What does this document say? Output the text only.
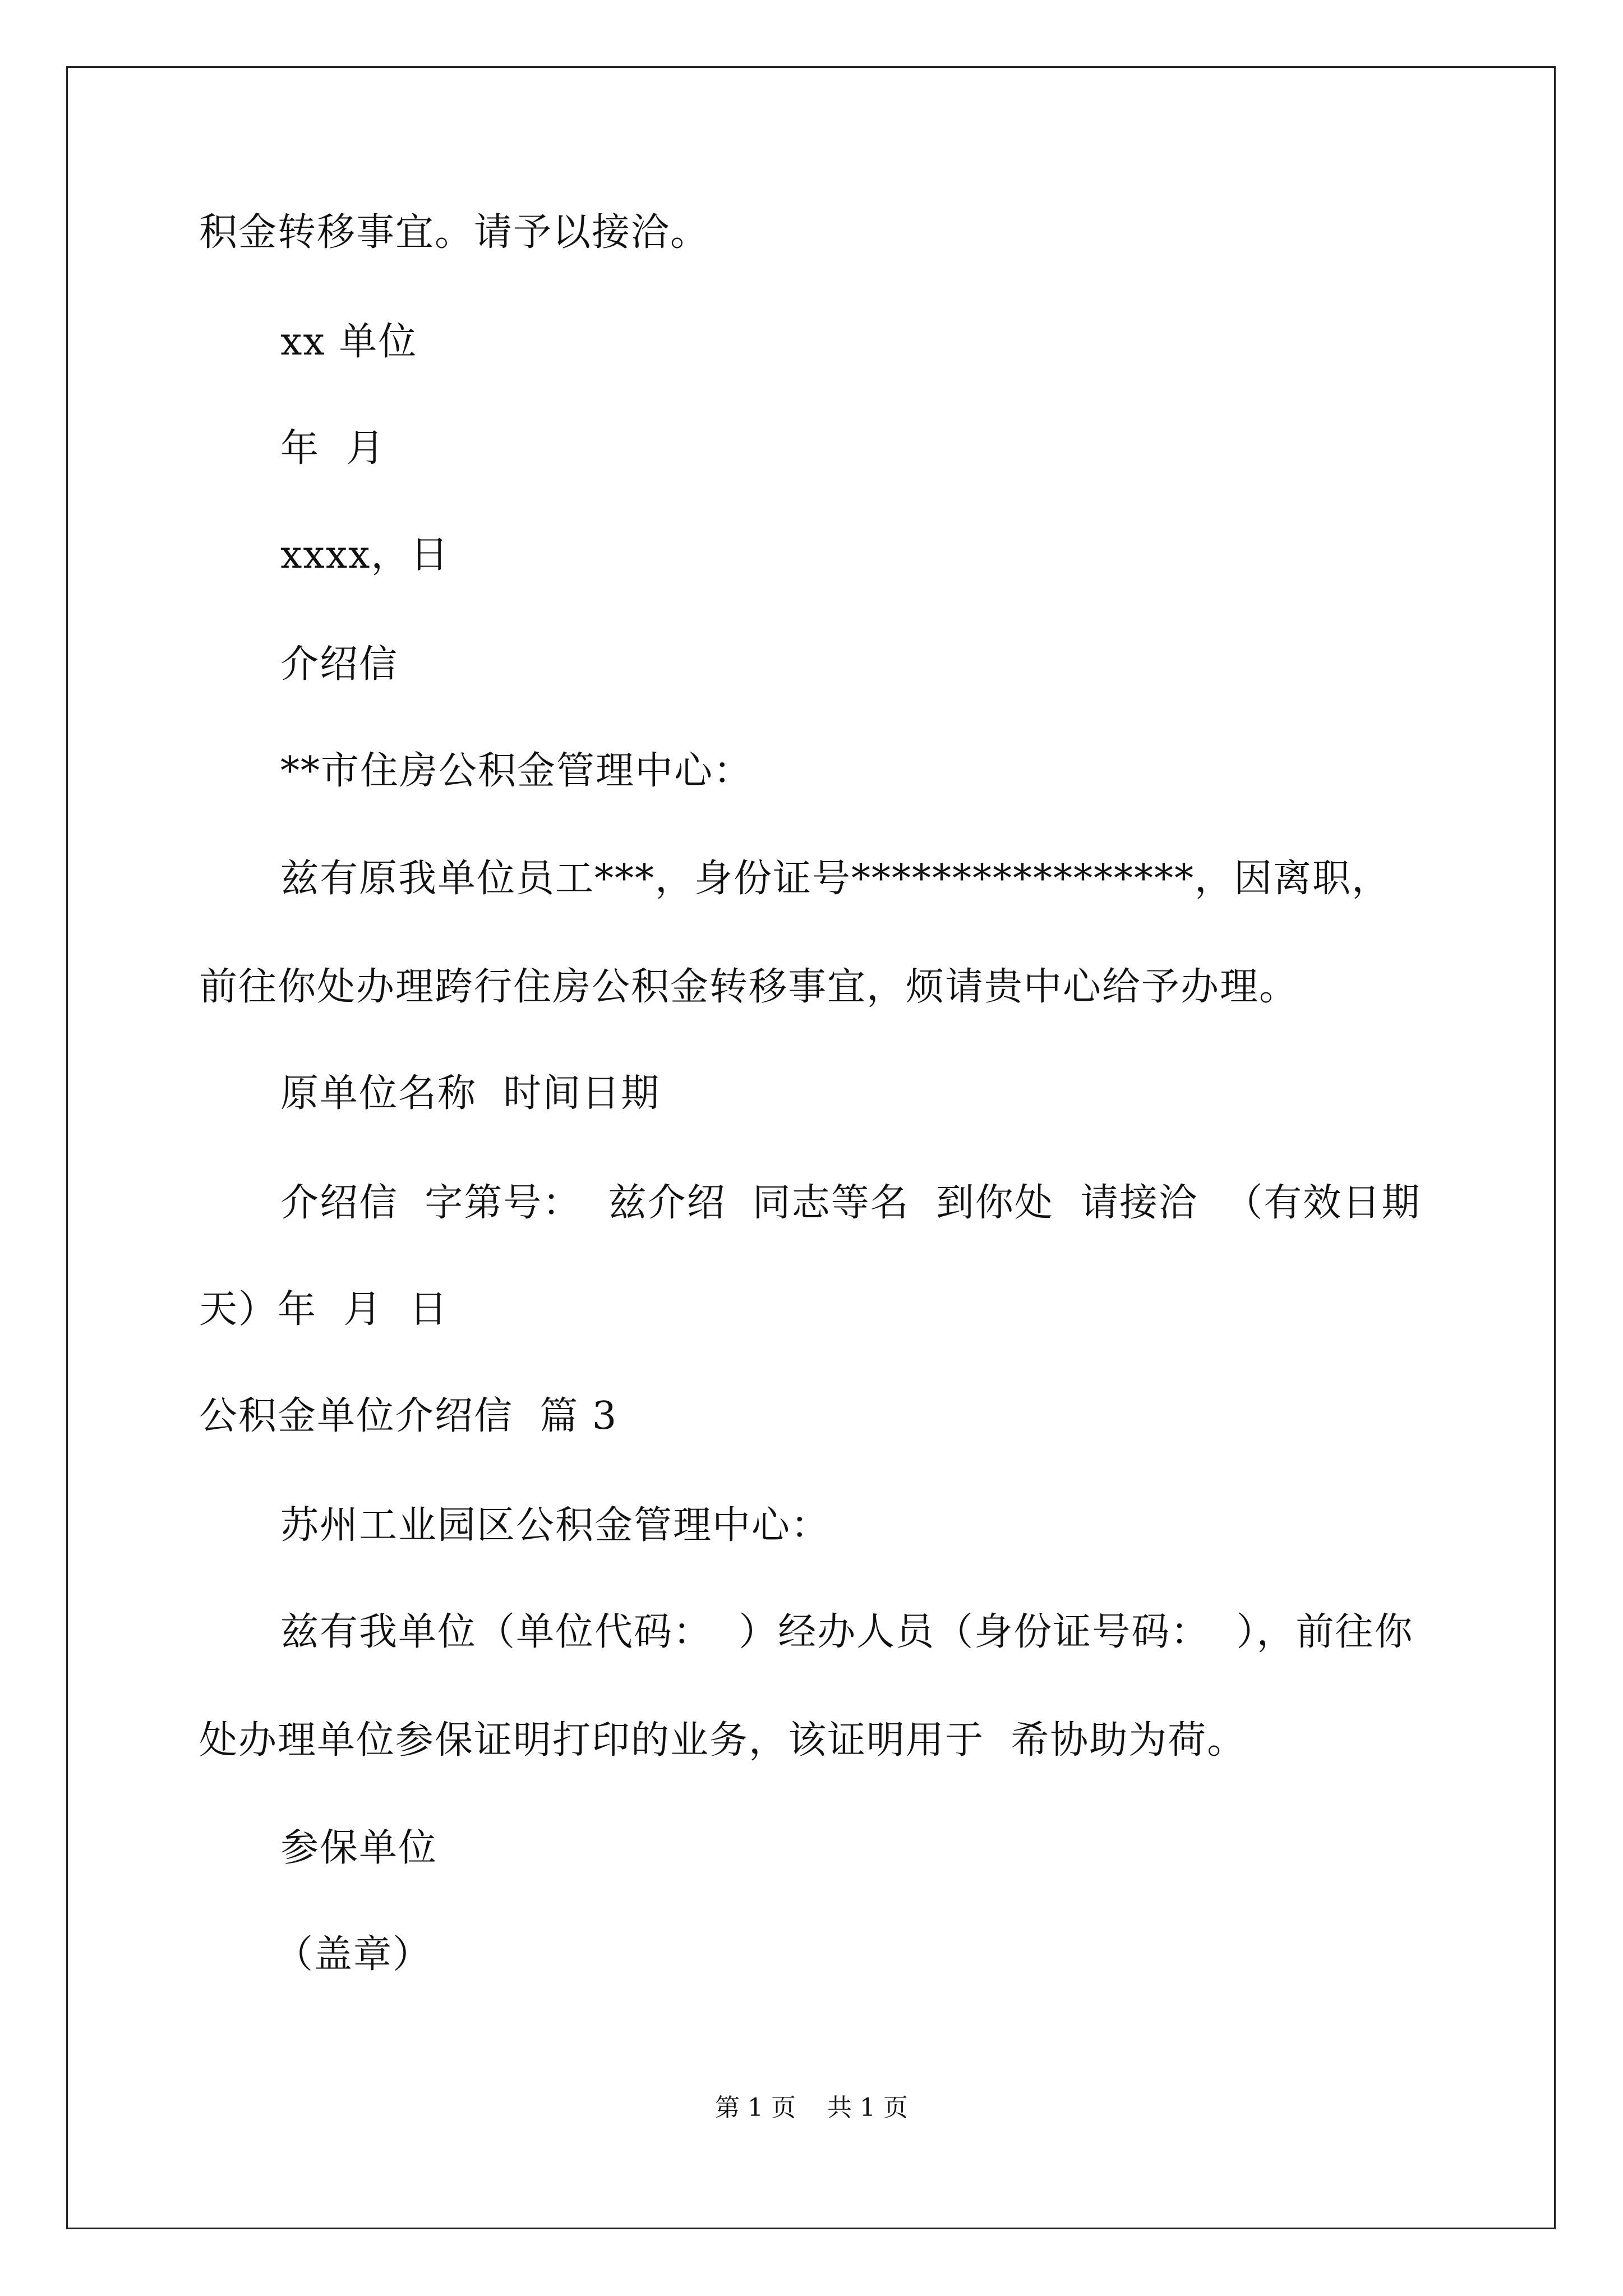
积金转移事宜。请予以接洽。
xx 单位
年  月
xxxx，日
介绍信
**市住房公积金管理中心：
兹有原我单位员工***，身份证号*****************，因离职，
前往你处办理跨行住房公积金转移事宜，烦请贵中心给予办理。
原单位名称  时间日期
介绍信  字第号：  兹介绍  同志等名  到你处  请接洽  （有效日期
天）年  月  日
公积金单位介绍信  篇 3
苏州工业园区公积金管理中心：
兹有我单位（单位代码：  ）经办人员（身份证号码：  ），前往你
处办理单位参保证明打印的业务，该证明用于  希协助为荷。
参保单位
（盖章）
第 1 页    共 1 页
